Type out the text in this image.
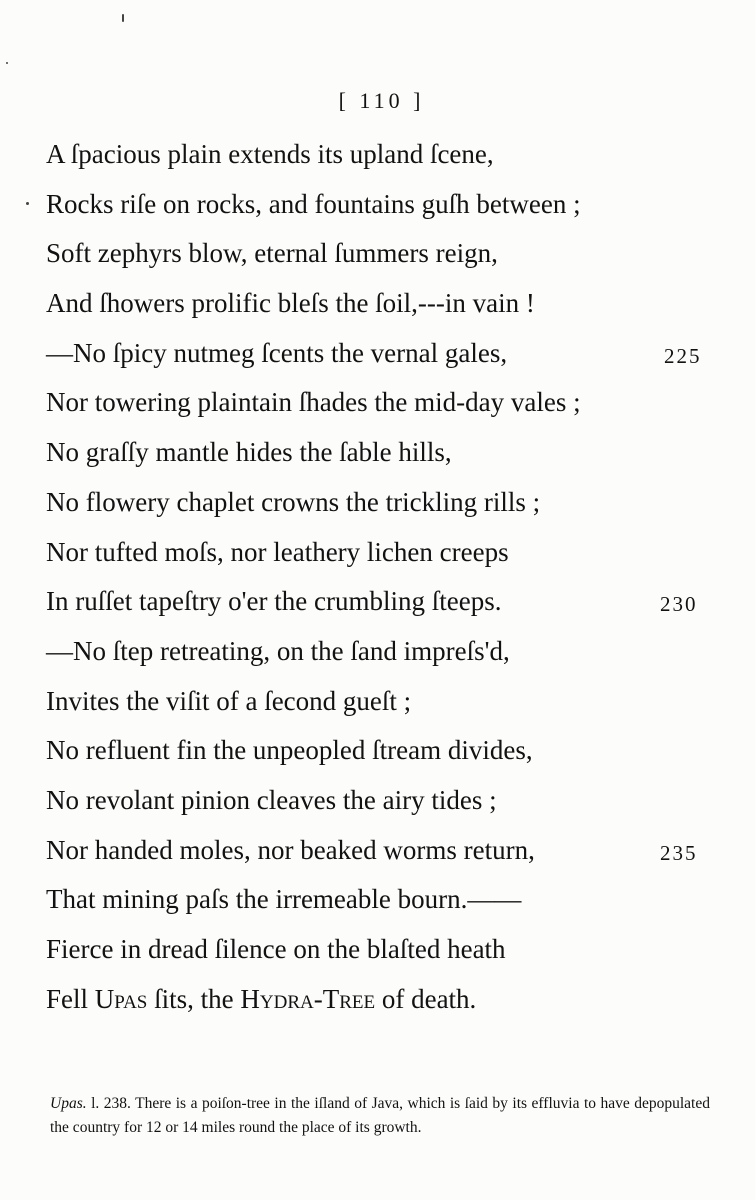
[ 110 ]
A ſpacious plain extends its upland ſcene,
Rocks riſe on rocks, and fountains guſh between ;
Soft zephyrs blow, eternal ſummers reign,
And ſhowers prolific bleſs the ſoil,---in vain !
—No ſpicy nutmeg ſcents the vernal gales,	225
Nor towering plaintain ſhades the mid-day vales ;
No graſſy mantle hides the ſable hills,
No flowery chaplet crowns the trickling rills ;
Nor tufted moſs, nor leathery lichen creeps
In ruſſet tapeſtry o'er the crumbling ſteeps.	230
—No ſtep retreating, on the ſand impreſs'd,
Invites the viſit of a ſecond gueſt ;
No refluent fin the unpeopled ſtream divides,
No revolant pinion cleaves the airy tides ;
Nor handed moles, nor beaked worms return,	235
That mining paſs the irremeable bourn.——
Fierce in dread ſilence on the blaſted heath
Fell Upas ſits, the Hydra-Tree of death.
Upas. l. 238. There is a poiſon-tree in the iſland of Java, which is ſaid by its effluvia to have depopulated the country for 12 or 14 miles round the place of its growth.
